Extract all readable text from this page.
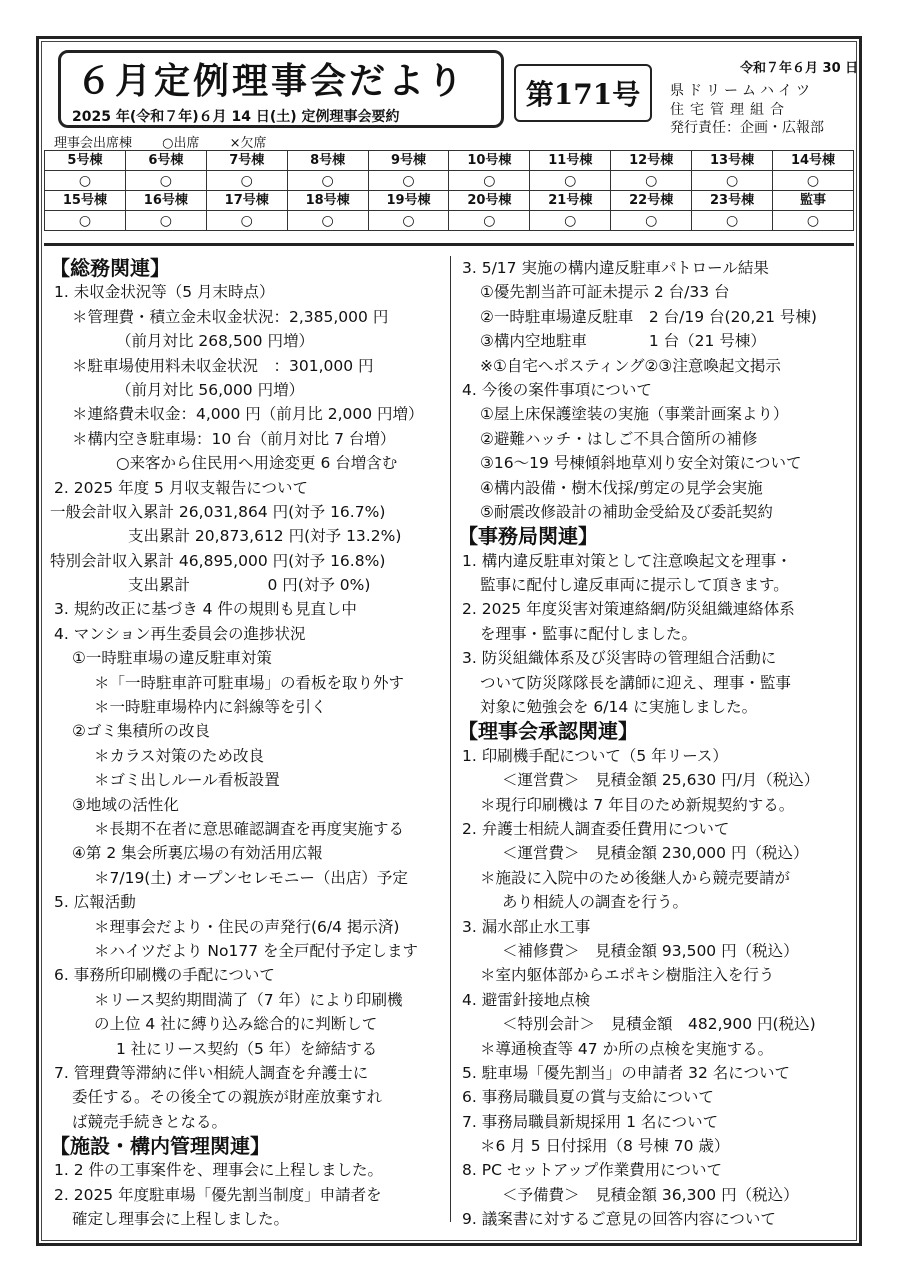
６月定例理事会だより
2025 年(令和７年)６月 14 日(土) 定例理事会要約
第171号
令和７年６月 30 日
県ドリームハイツ
住宅管理組合
発行責任：企画・広報部
理事会出席棟 ○出席 ×欠席
5号棟	6号棟	7号棟	8号棟	9号棟	10号棟	11号棟	12号棟	13号棟	14号棟
○	○	○	○	○	○	○	○	○	○
15号棟	16号棟	17号棟	18号棟	19号棟	20号棟	21号棟	22号棟	23号棟	監事
○	○	○	○	○	○	○	○	○	○
【総務関連】
1. 未収金状況等（5 月末時点）
＊管理費・積立金未収金状況：2,385,000 円
（前月対比 268,500 円増）
＊駐車場使用料未収金状況　：301,000 円
（前月対比 56,000 円増）
＊連絡費未収金：4,000 円（前月比 2,000 円増）
＊構内空き駐車場：10 台（前月対比 7 台増）
○来客から住民用へ用途変更 6 台増含む
2. 2025 年度 5 月収支報告について
一般会計収入累計 26,031,864 円(対予 16.7%)
支出累計 20,873,612 円(対予 13.2%)
特別会計収入累計 46,895,000 円(対予 16.8%)
支出累計　　　　　0 円(対予 0%)
3. 規約改正に基づき 4 件の規則も見直し中
4. マンション再生委員会の進捗状況
①一時駐車場の違反駐車対策
＊「一時駐車許可駐車場」の看板を取り外す
＊一時駐車場枠内に斜線等を引く
②ゴミ集積所の改良
＊カラス対策のため改良
＊ゴミ出しルール看板設置
③地域の活性化
＊長期不在者に意思確認調査を再度実施する
④第 2 集会所裏広場の有効活用広報
＊7/19(土) オープンセレモニー（出店）予定
5. 広報活動
＊理事会だより・住民の声発行(6/4 掲示済)
＊ハイツだより No177 を全戸配付予定します
6. 事務所印刷機の手配について
＊リース契約期間満了（7 年）により印刷機
の上位 4 社に縛り込み総合的に判断して
1 社にリース契約（5 年）を締結する
7. 管理費等滞納に伴い相続人調査を弁護士に
委任する。その後全ての親族が財産放棄すれ
ば競売手続きとなる。
【施設・構内管理関連】
1. 2 件の工事案件を、理事会に上程しました。
2. 2025 年度駐車場「優先割当制度」申請者を
確定し理事会に上程しました。
3. 5/17 実施の構内違反駐車パトロール結果
①優先割当許可証未提示 2 台/33 台
②一時駐車場違反駐車　2 台/19 台(20,21 号棟)
③構内空地駐車　　　　1 台（21 号棟）
※①自宅へポスティング②③注意喚起文掲示
4. 今後の案件事項について
①屋上床保護塗装の実施（事業計画案より）
②避難ハッチ・はしご不具合箇所の補修
③16～19 号棟傾斜地草刈り安全対策について
④構内設備・樹木伐採/剪定の見学会実施
⑤耐震改修設計の補助金受給及び委託契約
【事務局関連】
1. 構内違反駐車対策として注意喚起文を理事・
監事に配付し違反車両に提示して頂きます。
2. 2025 年度災害対策連絡網/防災組織連絡体系
を理事・監事に配付しました。
3. 防災組織体系及び災害時の管理組合活動に
ついて防災隊隊長を講師に迎え、理事・監事
対象に勉強会を 6/14 に実施しました。
【理事会承認関連】
1. 印刷機手配について（5 年リース）
＜運営費＞　見積金額 25,630 円/月（税込）
＊現行印刷機は 7 年目のため新規契約する。
2. 弁護士相続人調査委任費用について
＜運営費＞　見積金額 230,000 円（税込）
＊施設に入院中のため後継人から競売要請が
あり相続人の調査を行う。
3. 漏水部止水工事
＜補修費＞　見積金額 93,500 円（税込）
＊室内躯体部からエポキシ樹脂注入を行う
4. 避雷針接地点検
＜特別会計＞　見積金額　482,900 円(税込)
＊導通検査等 47 か所の点検を実施する。
5. 駐車場「優先割当」の申請者 32 名について
6. 事務局職員夏の賞与支給について
7. 事務局職員新規採用 1 名について
＊6 月 5 日付採用（8 号棟 70 歳）
8. PC セットアップ作業費用について
＜予備費＞　見積金額 36,300 円（税込）
9. 議案書に対するご意見の回答内容について
